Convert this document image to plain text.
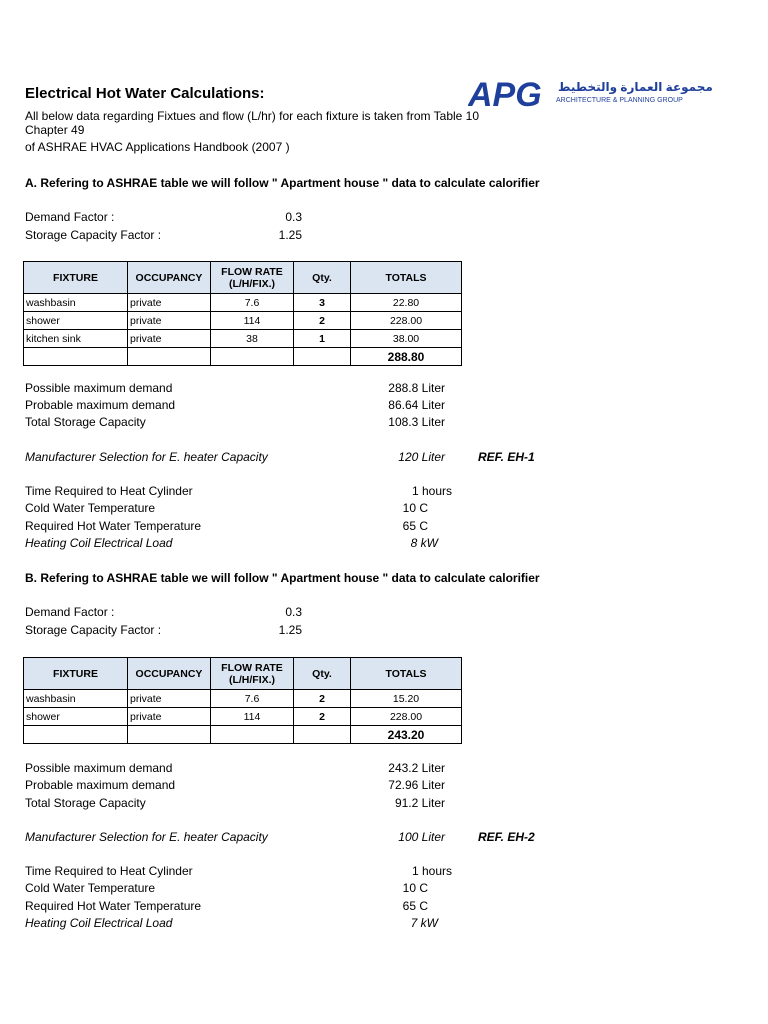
Electrical Hot Water Calculations:	APG مجموعة العمارة والتخطيط
ARCHITECTURE & PLANNING GROUP
All below data regarding Fixtues and flow (L/hr) for each fixture is taken from Table 10
Chapter 49
of ASHRAE HVAC Applications Handbook (2007 )
A. Refering to ASHRAE table we will follow " Apartment house " data to calculate calorifier
Demand Factor :	0.3
Storage Capacity Factor :	1.25
FIXTURE	OCCUPANCY	FLOW RATE
(L/H/FIX.)	Qty.	TOTALS
washbasin	private	7.6	3	22.80
shower	private	114	2	228.00
kitchen sink	private	38	1	38.00
				288.80
Possible maximum demand	288.8 Liter
Probable maximum demand	86.64 Liter
Total Storage Capacity	108.3 Liter
Manufacturer Selection for E. heater Capacity	120 Liter	REF. EH-1
Time Required to Heat Cylinder	1 hours
Cold Water Temperature	10 C
Required Hot Water Temperature	65 C
Heating Coil Electrical Load	8 kW
B. Refering to ASHRAE table we will follow " Apartment house " data to calculate calorifier
Demand Factor :	0.3
Storage Capacity Factor :	1.25
FIXTURE	OCCUPANCY	FLOW RATE
(L/H/FIX.)	Qty.	TOTALS
washbasin	private	7.6	2	15.20
shower	private	114	2	228.00
				243.20
Possible maximum demand	243.2 Liter
Probable maximum demand	72.96 Liter
Total Storage Capacity	91.2 Liter
Manufacturer Selection for E. heater Capacity	100 Liter	REF. EH-2
Time Required to Heat Cylinder	1 hours
Cold Water Temperature	10 C
Required Hot Water Temperature	65 C
Heating Coil Electrical Load	7 kW
